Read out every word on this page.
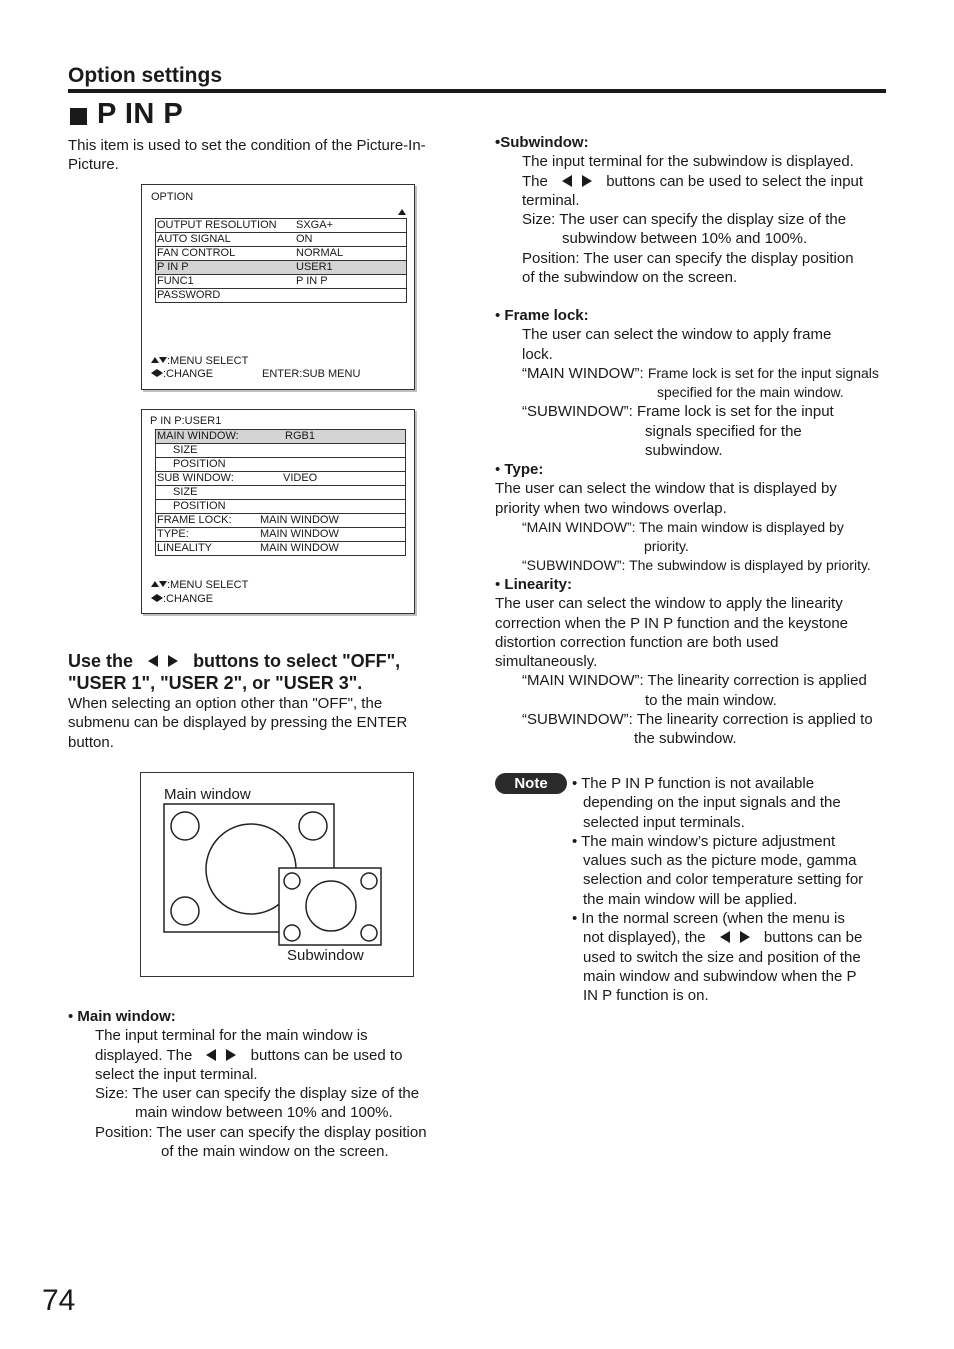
Option settings
P IN P
This item is used to set the condition of the Picture-In-
Picture.
OPTION
OUTPUT RESOLUTION SXGA+
AUTO SIGNAL	ON
FAN CONTROL	NORMAL
P IN P	USER1
FUNC1	P IN P
PASSWORD
:MENU SELECT
:CHANGE	ENTER:SUB MENU
P IN P:USER1
MAIN WINDOW:	RGB1
SIZE
POSITION
SUB WINDOW:	VIDEO
SIZE
POSITION
FRAME LOCK:	MAIN WINDOW
TYPE:	MAIN WINDOW
LINEALITY	MAIN WINDOW
:MENU SELECT
:CHANGE
Use the	buttons to select "OFF",
"USER 1", "USER 2", or "USER 3".
When selecting an option other than "OFF", the
submenu can be displayed by pressing the ENTER
button.
Main window
Subwindow
• Main window:
The input terminal for the main window is
displayed. The	buttons can be used to
select the input terminal.
Size: The user can specify the display size of the
main window between 10% and 100%.
Position: The user can specify the display position
of the main window on the screen.
•Subwindow:
The input terminal for the subwindow is displayed.
The	buttons can be used to select the input
terminal.
Size: The user can specify the display size of the
subwindow between 10% and 100%.
Position: The user can specify the display position
of the subwindow on the screen.
• Frame lock:
The user can select the window to apply frame
lock.
“MAIN WINDOW”: Frame lock is set for the input signals
specified for the main window.
“SUBWINDOW”: Frame lock is set for the input
signals specified for the
subwindow.
• Type:
The user can select the window that is displayed by
priority when two windows overlap.
“MAIN WINDOW”: The main window is displayed by
priority.
“SUBWINDOW”: The subwindow is displayed by priority.
• Linearity:
The user can select the window to apply the linearity
correction when the P IN P function and the keystone
distortion correction function are both used
simultaneously.
“MAIN WINDOW”: The linearity correction is applied
to the main window.
“SUBWINDOW”: The linearity correction is applied to
the subwindow.
Note	• The P IN P function is not available
depending on the input signals and the
selected input terminals.
• The main window’s picture adjustment
values such as the picture mode, gamma
selection and color temperature setting for
the main window will be applied.
• In the normal screen (when the menu is
not displayed), the	buttons can be
used to switch the size and position of the
main window and subwindow when the P
IN P function is on.
74
